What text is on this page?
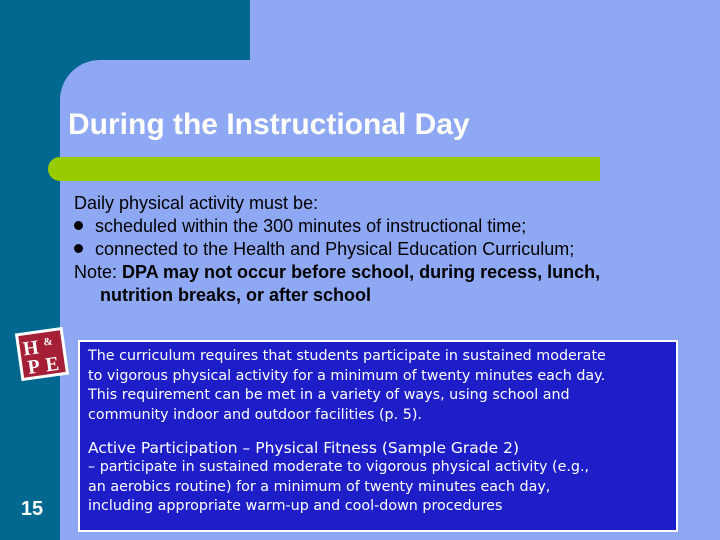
During the Instructional Day
Daily physical activity must be:
scheduled within the 300 minutes of instructional time;
connected to the Health and Physical Education Curriculum;
Note: DPA may not occur before school, during recess, lunch,
nutrition breaks, or after school
H &
P E
15

The curriculum requires that students participate in sustained moderate

to vigorous physical activity for a minimum of twenty minutes each day.

This requirement can be met in a variety of ways, using school and

community indoor and outdoor facilities (p. 5).

Active Participation – Physical Fitness (Sample Grade 2)

– participate in sustained moderate to vigorous physical activity (e.g.,

an aerobics routine) for a minimum of twenty minutes each day,

including appropriate warm-up and cool-down procedures
